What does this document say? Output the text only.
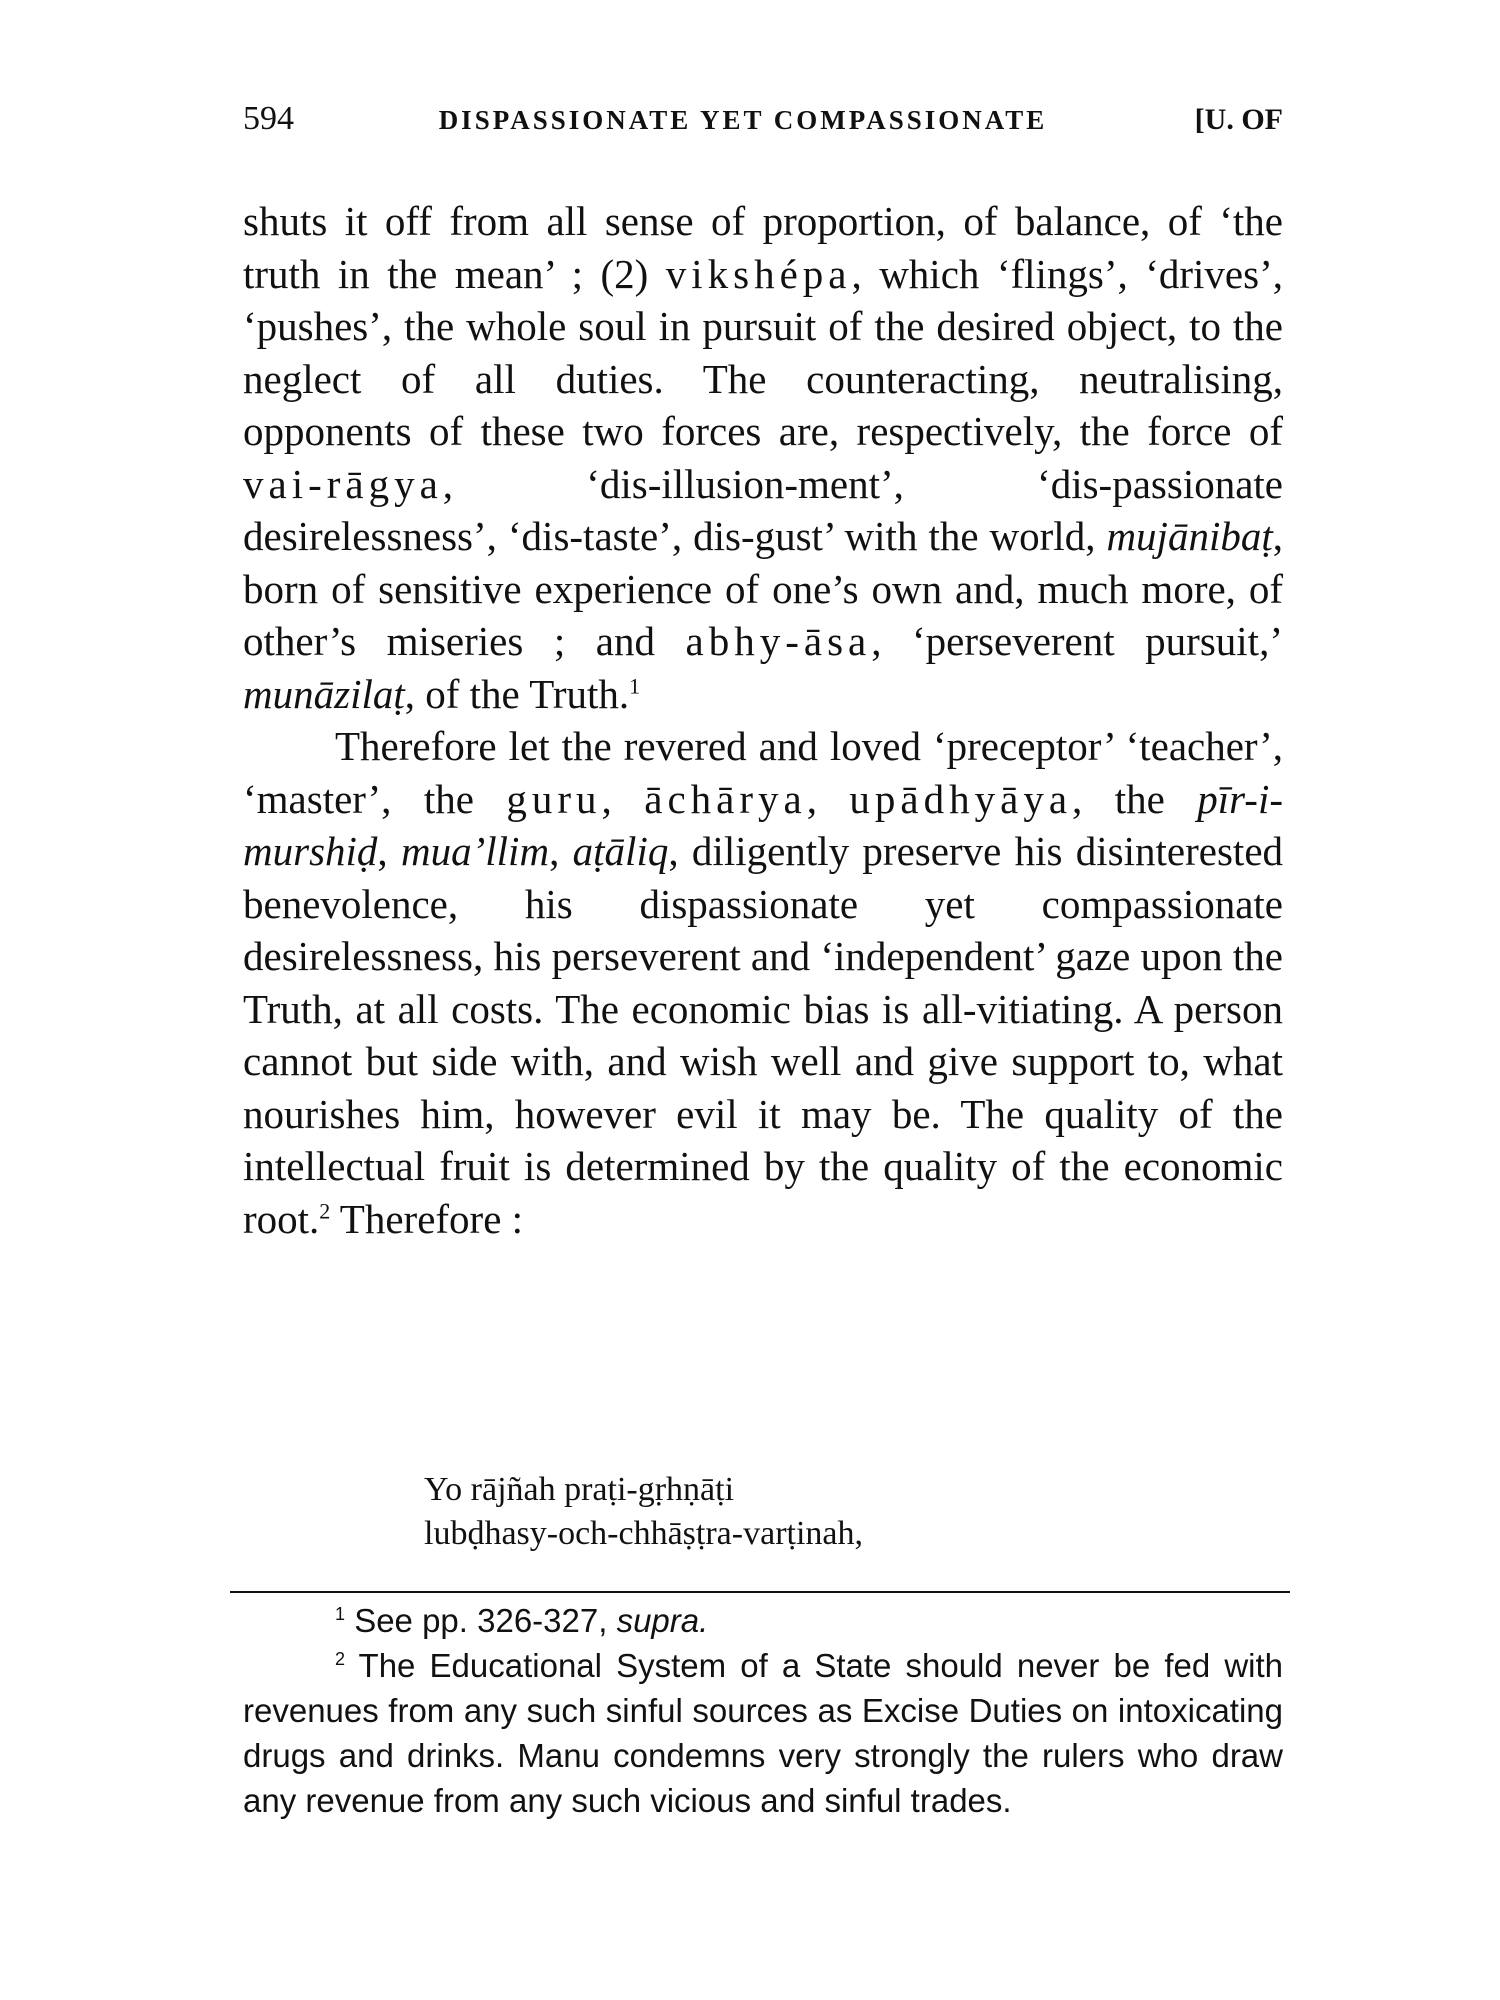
594	DISPASSIONATE YET COMPASSIONATE	[U. OF

shuts it off from all sense of proportion, of balance, of ‘the truth in the mean’ ; (2) vikshépa, which ‘flings’, ‘drives’, ‘pushes’, the whole soul in pursuit of the desired object, to the neglect of all duties. The counteracting, neutralising, opponents of these two forces are, respectively, the force of vai-rāgya, ‘dis-illusion-ment’, ‘dis-passionate desirelessness’, ‘dis-taste’, dis-gust’ with the world, mujānibaṭ, born of sensitive experience of one’s own and, much more, of other’s miseries ; and abhy-āsa, ‘perseverent pursuit,’ munāzilaṭ, of the Truth.$^1$

Therefore let the revered and loved ‘preceptor’ ‘teacher’, ‘master’, the guru, āchārya, upādhyāya, the pīr-i-murshiḍ, mua’llim, aṭāliq, diligently preserve his disinterested benevolence, his dispassionate yet compassionate desirelessness, his perseverent and ‘independent’ gaze upon the Truth, at all costs. The economic bias is all-vitiating. A person cannot but side with, and wish well and give support to, what nourishes him, however evil it may be. The quality of the intellectual fruit is determined by the quality of the economic root.$^2$ Therefore :

Yo rājñah praṭi-gṛhṇāṭi
lubḍhasy-och-chhāṣṭra-varṭinah,

$^1$ See pp. 326-327, supra.

$^2$ The Educational System of a State should never be fed with revenues from any such sinful sources as Excise Duties on intoxicating drugs and drinks. Manu condemns very strongly the rulers who draw any revenue from any such vicious and sinful trades.
